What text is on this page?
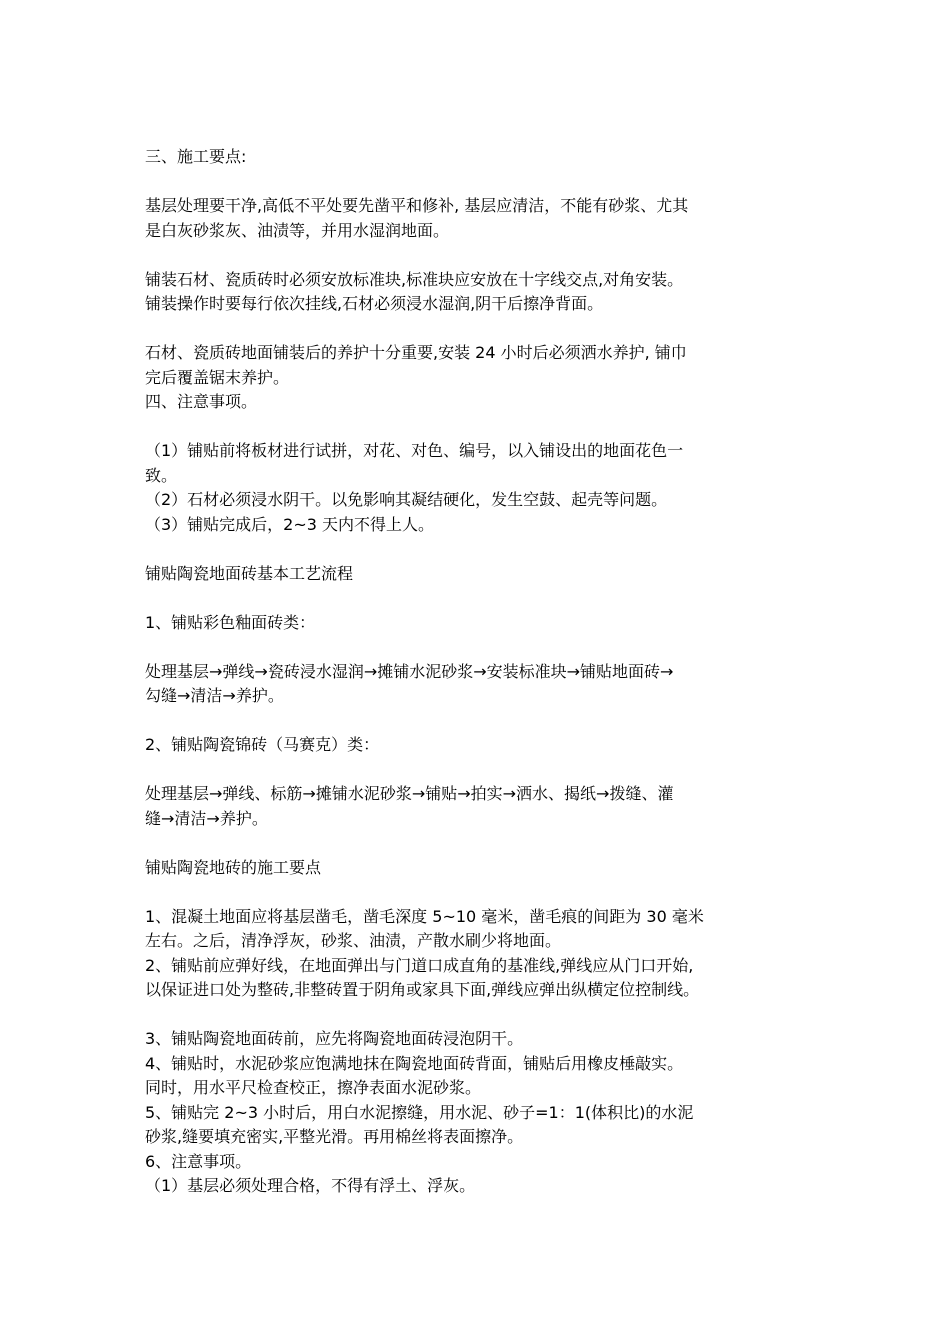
三、施工要点:

基层处理要干净,高低不平处要先凿平和修补, 基层应清洁，不能有砂浆、尤其
是白灰砂浆灰、油渍等，并用水湿润地面。

铺装石材、瓷质砖时必须安放标准块,标准块应安放在十字线交点,对角安装。
铺装操作时要每行依次挂线,石材必须浸水湿润,阴干后擦净背面。

石材、瓷质砖地面铺装后的养护十分重要,安装 24 小时后必须洒水养护, 铺巾
完后覆盖锯末养护。

四、注意事项。

（1）铺贴前将板材进行试拼，对花、对色、编号，以入铺设出的地面花色一
致。
（2）石材必须浸水阴干。以免影响其凝结硬化，发生空鼓、起壳等问题。
（3）铺贴完成后，2~3 天内不得上人。

铺贴陶瓷地面砖基本工艺流程

1、铺贴彩色釉面砖类：

处理基层→弹线→瓷砖浸水湿润→摊铺水泥砂浆→安装标准块→铺贴地面砖→
勾缝→清洁→养护。

2、铺贴陶瓷锦砖（马赛克）类：

处理基层→弹线、标筋→摊铺水泥砂浆→铺贴→拍实→洒水、揭纸→拨缝、灌
缝→清洁→养护。

铺贴陶瓷地砖的施工要点

1、混凝土地面应将基层凿毛，凿毛深度 5~10 毫米，凿毛痕的间距为 30 毫米
左右。之后，清净浮灰，砂浆、油渍，产散水刷少将地面。
2、铺贴前应弹好线，在地面弹出与门道口成直角的基准线,弹线应从门口开始,
以保证进口处为整砖,非整砖置于阴角或家具下面,弹线应弹出纵横定位控制线。

3、铺贴陶瓷地面砖前，应先将陶瓷地面砖浸泡阴干。
4、铺贴时，水泥砂浆应饱满地抹在陶瓷地面砖背面，铺贴后用橡皮棰敲实。
同时，用水平尺检查校正，擦净表面水泥砂浆。
5、铺贴完 2~3 小时后，用白水泥擦缝，用水泥、砂子=1：1(体积比)的水泥
砂浆,缝要填充密实,平整光滑。再用棉丝将表面擦净。
6、注意事项。
（1）基层必须处理合格，不得有浮土、浮灰。
